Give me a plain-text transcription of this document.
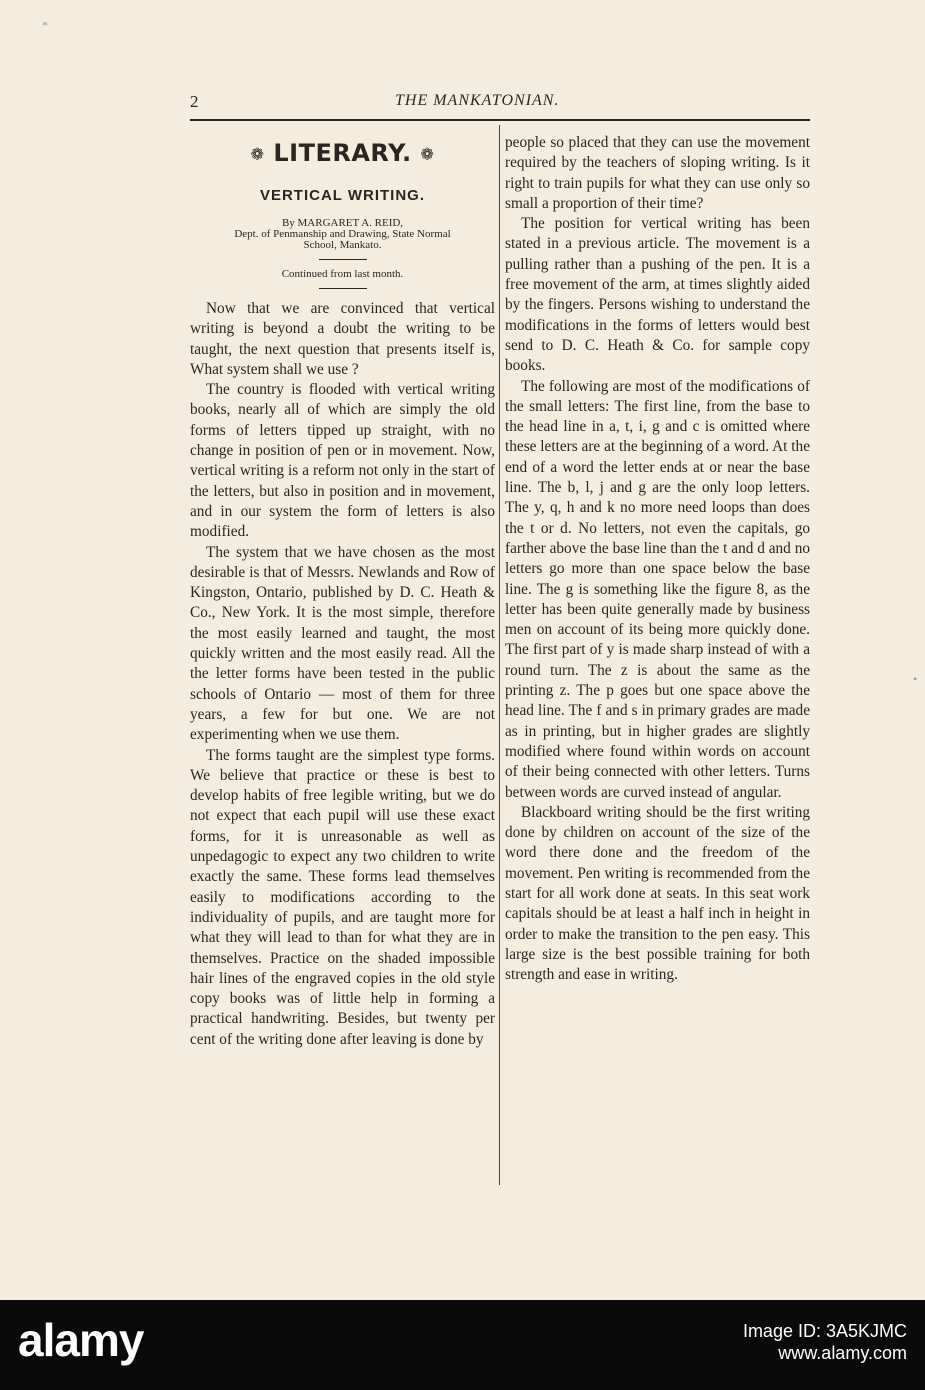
2	THE MANKATONIAN.
❁ LITERARY. ❁
VERTICAL WRITING.
By MARGARET A. REID,
Dept. of Penmanship and Drawing, State Normal
School, Mankato.
Continued from last month.

Now that we are convinced that vertical writing is beyond a doubt the writing to be taught, the next question that presents itself is, What system shall we use ?

The country is flooded with vertical writing books, nearly all of which are simply the old forms of letters tipped up straight, with no change in position of pen or in movement. Now, vertical writing is a reform not only in the start of the letters, but also in position and in movement, and in our system the form of letters is also modified.

The system that we have chosen as the most desirable is that of Messrs. Newlands and Row of Kingston, Ontario, published by D. C. Heath & Co., New York. It is the most simple, therefore the most easily learned and taught, the most quickly written and the most easily read. All the the letter forms have been tested in the public schools of Ontario — most of them for three years, a few for but one. We are not experimenting when we use them.

The forms taught are the simplest type forms. We believe that practice or these is best to develop habits of free legible writing, but we do not expect that each pupil will use these exact forms, for it is unreasonable as well as unpedagogic to expect any two children to write exactly the same. These forms lead themselves easily to modifications according to the individuality of pupils, and are taught more for what they will lead to than for what they are in themselves. Practice on the shaded impossible hair lines of the engraved copies in the old style copy books was of little help in forming a practical handwriting. Besides, but twenty per cent of the writing done after leaving is done by

people so placed that they can use the movement required by the teachers of sloping writing. Is it right to train pupils for what they can use only so small a proportion of their time?

The position for vertical writing has been stated in a previous article. The movement is a pulling rather than a pushing of the pen. It is a free movement of the arm, at times slightly aided by the fingers. Persons wishing to understand the modifications in the forms of letters would best send to D. C. Heath & Co. for sample copy books.

The following are most of the modifications of the small letters: The first line, from the base to the head line in a, t, i, g and c is omitted where these letters are at the beginning of a word. At the end of a word the letter ends at or near the base line. The b, l, j and g are the only loop letters. The y, q, h and k no more need loops than does the t or d. No letters, not even the capitals, go farther above the base line than the t and d and no letters go more than one space below the base line. The g is something like the figure 8, as the letter has been quite generally made by business men on account of its being more quickly done. The first part of y is made sharp instead of with a round turn. The z is about the same as the printing z. The p goes but one space above the head line. The f and s in primary grades are made as in printing, but in higher grades are slightly modified where found within words on account of their being connected with other letters. Turns between words are curved instead of angular.

Blackboard writing should be the first writing done by children on account of the size of the word there done and the freedom of the movement. Pen writing is recommended from the start for all work done at seats. In this seat work capitals should be at least a half inch in height in order to make the transition to the pen easy. This large size is the best possible training for both strength and ease in writing.

*
•
alamy	Image ID: 3A5KJMC
www.alamy.com
